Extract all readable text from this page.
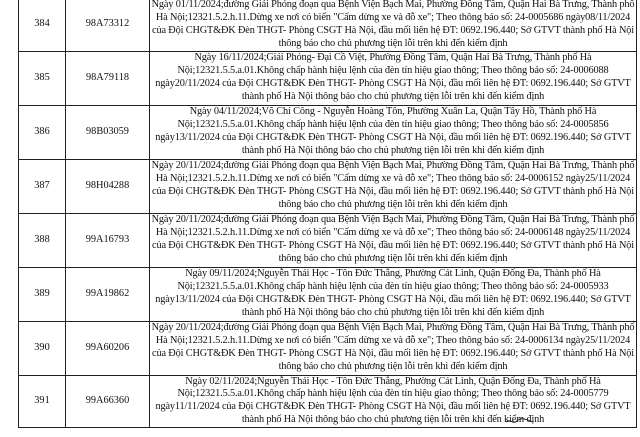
384	98A73312	Ngày 01/11/2024;đường Giải Phóng đoạn qua Bệnh Viện Bạch Mai, Phường Đồng Tâm, Quận Hai Bà Trưng, Thành phố
Hà Nội;12321.5.2.h.11.Dừng xe nơi có biển "Cấm dừng xe và đỗ xe"; Theo thông báo số: 24-0005686 ngày08/11/2024
của Đội CHGT&ĐK Đèn THGT- Phòng CSGT Hà Nội, đầu mối liên hệ ĐT: 0692.196.440; Sở GTVT thành phố Hà Nội
thông báo cho chủ phương tiện lỗi trên khi đến kiểm định

385	98A79118	Ngày 16/11/2024;Giải Phóng- Đại Cồ Việt, Phường Đồng Tâm, Quận Hai Bà Trưng, Thành phố Hà
Nội;12321.5.5.a.01.Không chấp hành hiệu lệnh của đèn tín hiệu giao thông; Theo thông báo số: 24-0006088
ngày20/11/2024 của Đội CHGT&ĐK Đèn THGT- Phòng CSGT Hà Nội, đầu mối liên hệ ĐT: 0692.196.440; Sở GTVT
thành phố Hà Nội thông báo cho chủ phương tiện lỗi trên khi đến kiểm định

386	98B03059	Ngày 04/11/2024;Võ Chí Công - Nguyễn Hoàng Tôn, Phường Xuân La, Quận Tây Hồ, Thành phố Hà
Nội;12321.5.5.a.01.Không chấp hành hiệu lệnh của đèn tín hiệu giao thông; Theo thông báo số: 24-0005856
ngày13/11/2024 của Đội CHGT&ĐK Đèn THGT- Phòng CSGT Hà Nội, đầu mối liên hệ ĐT: 0692.196.440; Sở GTVT
thành phố Hà Nội thông báo cho chủ phương tiện lỗi trên khi đến kiểm định

387	98H04288	Ngày 20/11/2024;đường Giải Phóng đoạn qua Bệnh Viện Bạch Mai, Phường Đồng Tâm, Quận Hai Bà Trưng, Thành phố
Hà Nội;12321.5.2.h.11.Dừng xe nơi có biển "Cấm dừng xe và đỗ xe"; Theo thông báo số: 24-0006152 ngày25/11/2024
của Đội CHGT&ĐK Đèn THGT- Phòng CSGT Hà Nội, đầu mối liên hệ ĐT: 0692.196.440; Sở GTVT thành phố Hà Nội
thông báo cho chủ phương tiện lỗi trên khi đến kiểm định

388	99A16793	Ngày 20/11/2024;đường Giải Phóng đoạn qua Bệnh Viện Bạch Mai, Phường Đồng Tâm, Quận Hai Bà Trưng, Thành phố
Hà Nội;12321.5.2.h.11.Dừng xe nơi có biển "Cấm dừng xe và đỗ xe"; Theo thông báo số: 24-0006148 ngày25/11/2024
của Đội CHGT&ĐK Đèn THGT- Phòng CSGT Hà Nội, đầu mối liên hệ ĐT: 0692.196.440; Sở GTVT thành phố Hà Nội
thông báo cho chủ phương tiện lỗi trên khi đến kiểm định

389	99A19862	Ngày 09/11/2024;Nguyễn Thái Học - Tôn Đức Thắng, Phường Cát Linh, Quận Đống Đa, Thành phố Hà
Nội;12321.5.5.a.01.Không chấp hành hiệu lệnh của đèn tín hiệu giao thông; Theo thông báo số: 24-0005933
ngày13/11/2024 của Đội CHGT&ĐK Đèn THGT- Phòng CSGT Hà Nội, đầu mối liên hệ ĐT: 0692.196.440; Sở GTVT
thành phố Hà Nội thông báo cho chủ phương tiện lỗi trên khi đến kiểm định

390	99A60206	Ngày 20/11/2024;đường Giải Phóng đoạn qua Bệnh Viện Bạch Mai, Phường Đồng Tâm, Quận Hai Bà Trưng, Thành phố
Hà Nội;12321.5.2.h.11.Dừng xe nơi có biển "Cấm dừng xe và đỗ xe"; Theo thông báo số: 24-0006134 ngày25/11/2024
của Đội CHGT&ĐK Đèn THGT- Phòng CSGT Hà Nội, đầu mối liên hệ ĐT: 0692.196.440; Sở GTVT thành phố Hà Nội
thông báo cho chủ phương tiện lỗi trên khi đến kiểm định

391	99A66360	Ngày 02/11/2024;Nguyễn Thái Học - Tôn Đức Thắng, Phường Cát Linh, Quận Đống Đa, Thành phố Hà
Nội;12321.5.5.a.01.Không chấp hành hiệu lệnh của đèn tín hiệu giao thông; Theo thông báo số: 24-0005779
ngày11/11/2024 của Đội CHGT&ĐK Đèn THGT- Phòng CSGT Hà Nội, đầu mối liên hệ ĐT: 0692.196.440; Sở GTVT
thành phố Hà Nội thông báo cho chủ phương tiện lỗi trên khi đến kiểm định
